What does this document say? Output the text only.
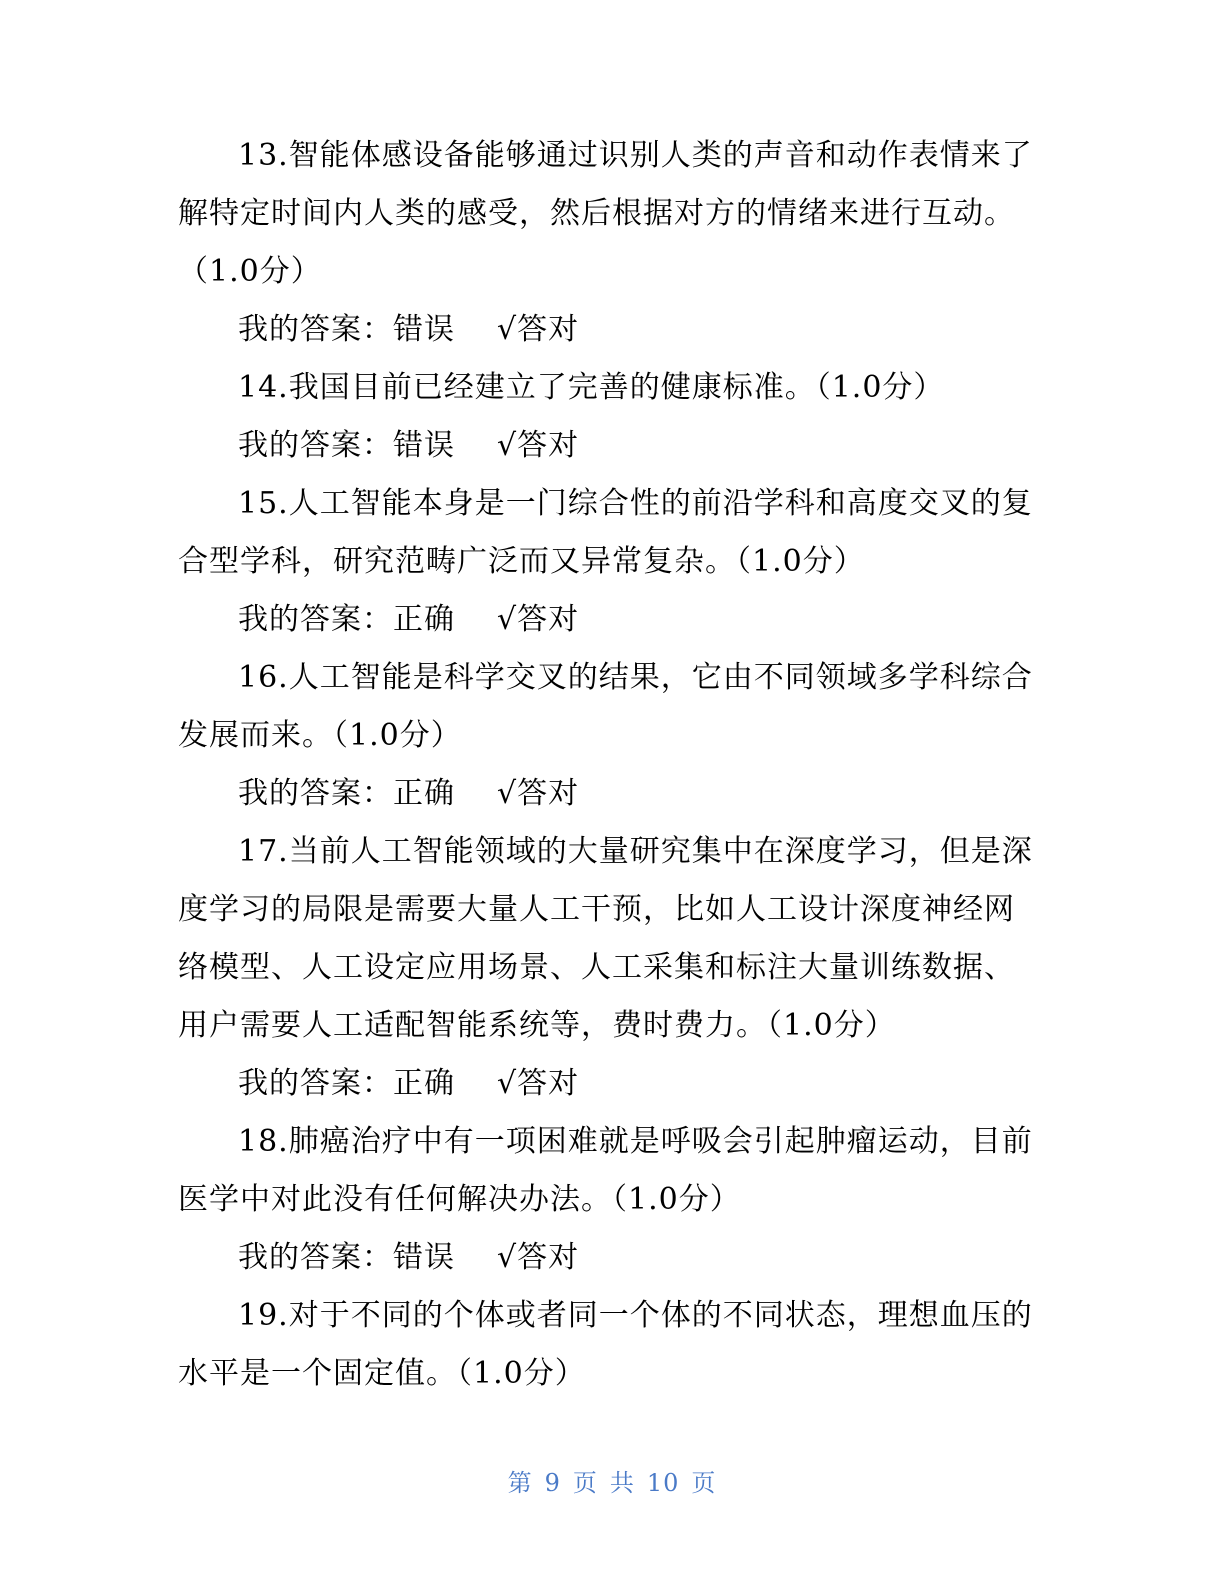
13.智能体感设备能够通过识别人类的声音和动作表情来了解特定时间内人类的感受，然后根据对方的情绪来进行互动。（1.0分）

我的答案：错误 √答对

14.我国目前已经建立了完善的健康标准。（1.0分）

我的答案：错误 √答对

15.人工智能本身是一门综合性的前沿学科和高度交叉的复合型学科，研究范畴广泛而又异常复杂。（1.0分）

我的答案：正确 √答对

16.人工智能是科学交叉的结果，它由不同领域多学科综合发展而来。（1.0分）

我的答案：正确 √答对

17.当前人工智能领域的大量研究集中在深度学习，但是深度学习的局限是需要大量人工干预，比如人工设计深度神经网络模型、人工设定应用场景、人工采集和标注大量训练数据、用户需要人工适配智能系统等，费时费力。（1.0分）

我的答案：正确 √答对

18.肺癌治疗中有一项困难就是呼吸会引起肿瘤运动，目前医学中对此没有任何解决办法。（1.0分）

我的答案：错误 √答对

19.对于不同的个体或者同一个体的不同状态，理想血压的水平是一个固定值。（1.0分）

第 9 页 共 10 页
